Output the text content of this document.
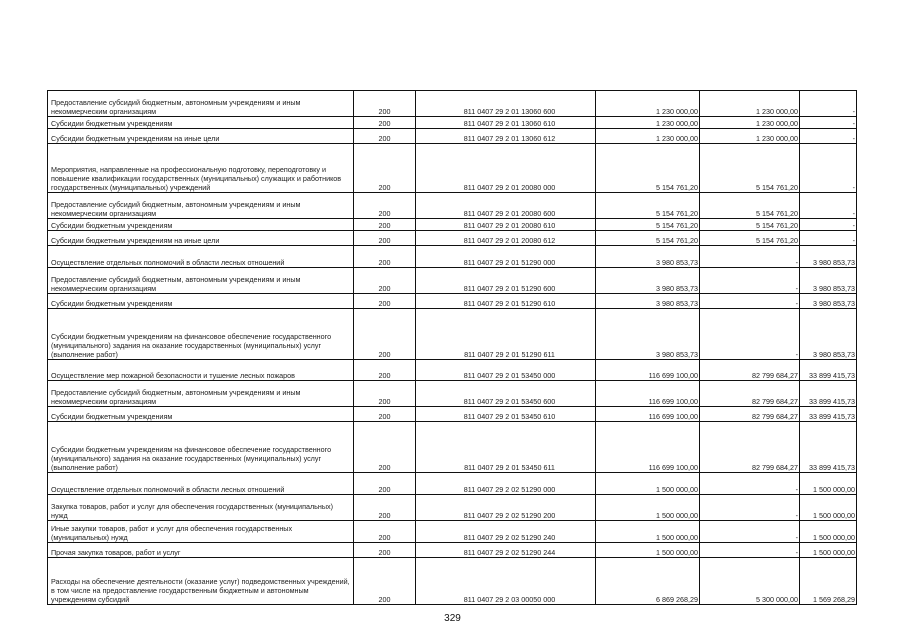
Предоставление субсидий бюджетным, автономным учреждениям и иным некоммерческим организациям	200	811 0407 29 2 01 13060 600	1 230 000,00	1 230 000,00	-
Субсидии бюджетным учреждениям	200	811 0407 29 2 01 13060 610	1 230 000,00	1 230 000,00	-
Субсидии бюджетным учреждениям на иные цели	200	811 0407 29 2 01 13060 612	1 230 000,00	1 230 000,00	-
Мероприятия, направленные на профессиональную подготовку, переподготовку и повышение квалификации государственных (муниципальных) служащих и работников государственных (муниципальных) учреждений	200	811 0407 29 2 01 20080 000	5 154 761,20	5 154 761,20	-
Предоставление субсидий бюджетным, автономным учреждениям и иным некоммерческим организациям	200	811 0407 29 2 01 20080 600	5 154 761,20	5 154 761,20	-
Субсидии бюджетным учреждениям	200	811 0407 29 2 01 20080 610	5 154 761,20	5 154 761,20	-
Субсидии бюджетным учреждениям на иные цели	200	811 0407 29 2 01 20080 612	5 154 761,20	5 154 761,20	-
Осуществление отдельных полномочий в области лесных отношений	200	811 0407 29 2 01 51290 000	3 980 853,73	-	3 980 853,73
Предоставление субсидий бюджетным, автономным учреждениям и иным некоммерческим организациям	200	811 0407 29 2 01 51290 600	3 980 853,73	-	3 980 853,73
Субсидии бюджетным учреждениям	200	811 0407 29 2 01 51290 610	3 980 853,73	-	3 980 853,73
Субсидии бюджетным учреждениям на финансовое обеспечение государственного (муниципального) задания на оказание государственных (муниципальных) услуг (выполнение работ)	200	811 0407 29 2 01 51290 611	3 980 853,73	-	3 980 853,73
Осуществление мер пожарной безопасности и тушение лесных пожаров	200	811 0407 29 2 01 53450 000	116 699 100,00	82 799 684,27	33 899 415,73
Предоставление субсидий бюджетным, автономным учреждениям и иным некоммерческим организациям	200	811 0407 29 2 01 53450 600	116 699 100,00	82 799 684,27	33 899 415,73
Субсидии бюджетным учреждениям	200	811 0407 29 2 01 53450 610	116 699 100,00	82 799 684,27	33 899 415,73
Субсидии бюджетным учреждениям на финансовое обеспечение государственного (муниципального) задания на оказание государственных (муниципальных) услуг (выполнение работ)	200	811 0407 29 2 01 53450 611	116 699 100,00	82 799 684,27	33 899 415,73
Осуществление отдельных полномочий в области лесных отношений	200	811 0407 29 2 02 51290 000	1 500 000,00	-	1 500 000,00
Закупка товаров, работ и услуг для обеспечения государственных (муниципальных) нужд	200	811 0407 29 2 02 51290 200	1 500 000,00	-	1 500 000,00
Иные закупки товаров, работ и услуг для обеспечения государственных (муниципальных) нужд	200	811 0407 29 2 02 51290 240	1 500 000,00	-	1 500 000,00
Прочая закупка товаров, работ и услуг	200	811 0407 29 2 02 51290 244	1 500 000,00	-	1 500 000,00
Расходы на обеспечение деятельности (оказание услуг) подведомственных учреждений, в том числе на предоставление государственным бюджетным и автономным учреждениям субсидий	200	811 0407 29 2 03 00050 000	6 869 268,29	5 300 000,00	1 569 268,29
329
